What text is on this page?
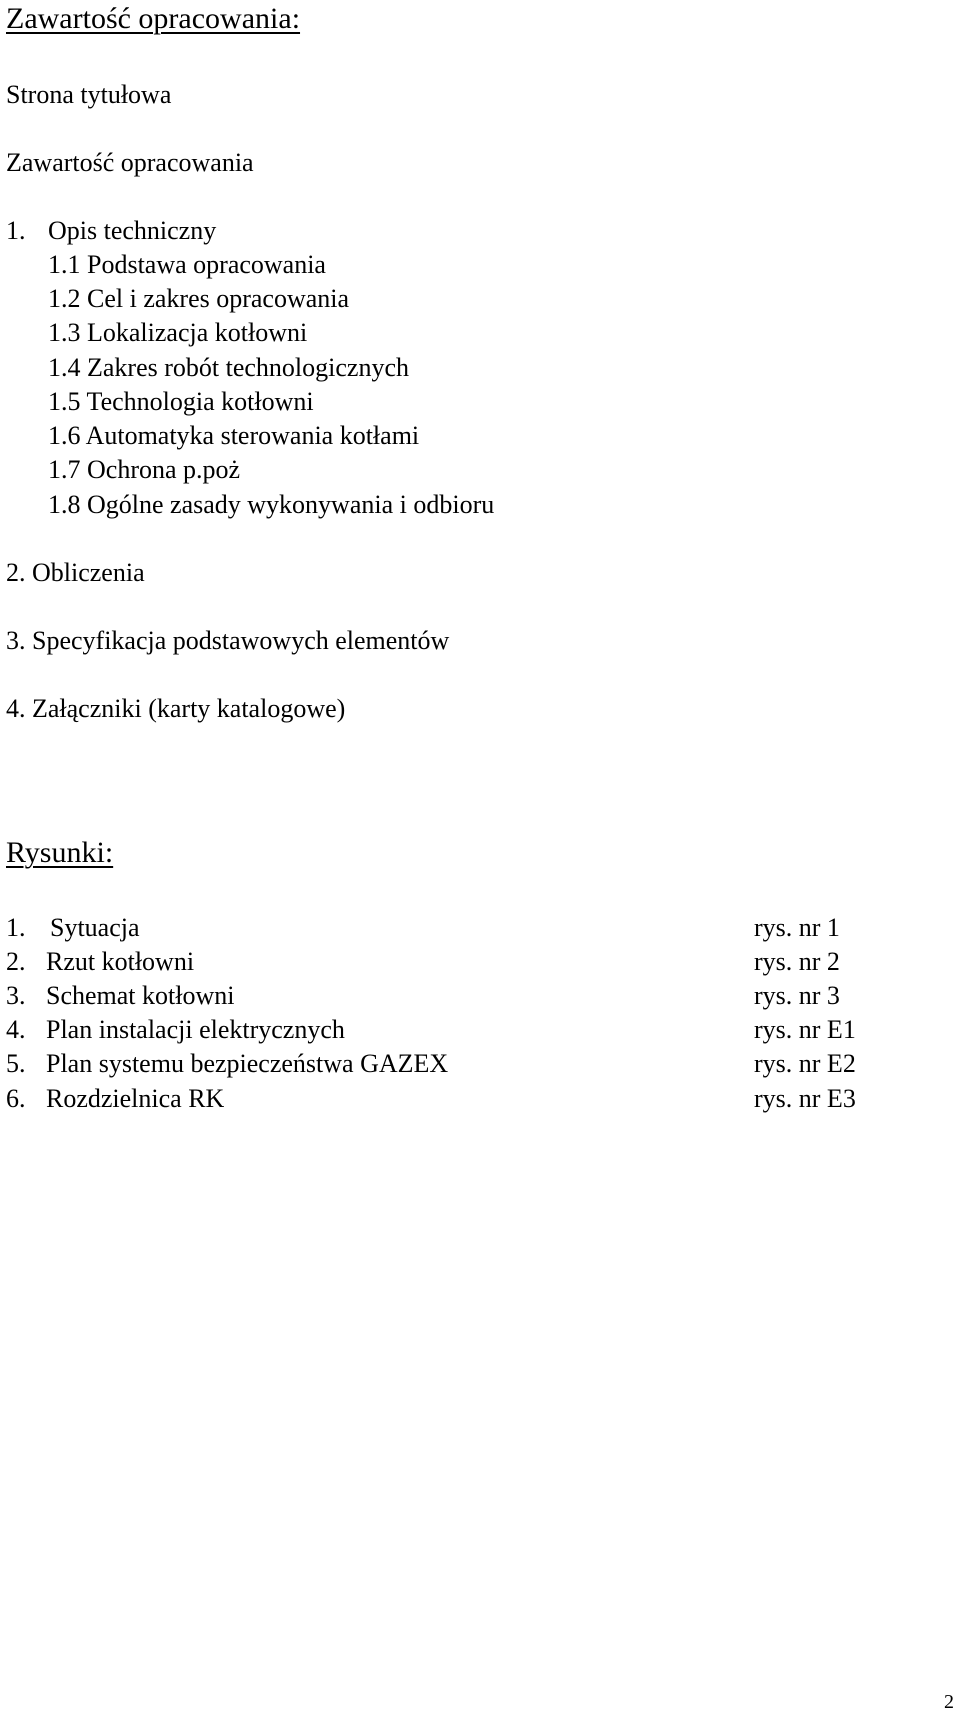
Zawartość opracowania:
Strona tytułowa
Zawartość opracowania
1. Opis techniczny
1.1 Podstawa opracowania
1.2 Cel i zakres opracowania
1.3 Lokalizacja kotłowni
1.4 Zakres robót technologicznych
1.5 Technologia kotłowni
1.6 Automatyka sterowania kotłami
1.7 Ochrona p.poż
1.8 Ogólne zasady wykonywania i odbioru
2. Obliczenia
3. Specyfikacja podstawowych elementów
4. Załączniki (karty katalogowe)
Rysunki:
1. Sytuacja	rys. nr 1
2. Rzut kotłowni	rys. nr 2
3. Schemat kotłowni	rys. nr 3
4. Plan instalacji elektrycznych	rys. nr E1
5. Plan systemu bezpieczeństwa GAZEX	rys. nr E2
6. Rozdzielnica RK	rys. nr E3
2
